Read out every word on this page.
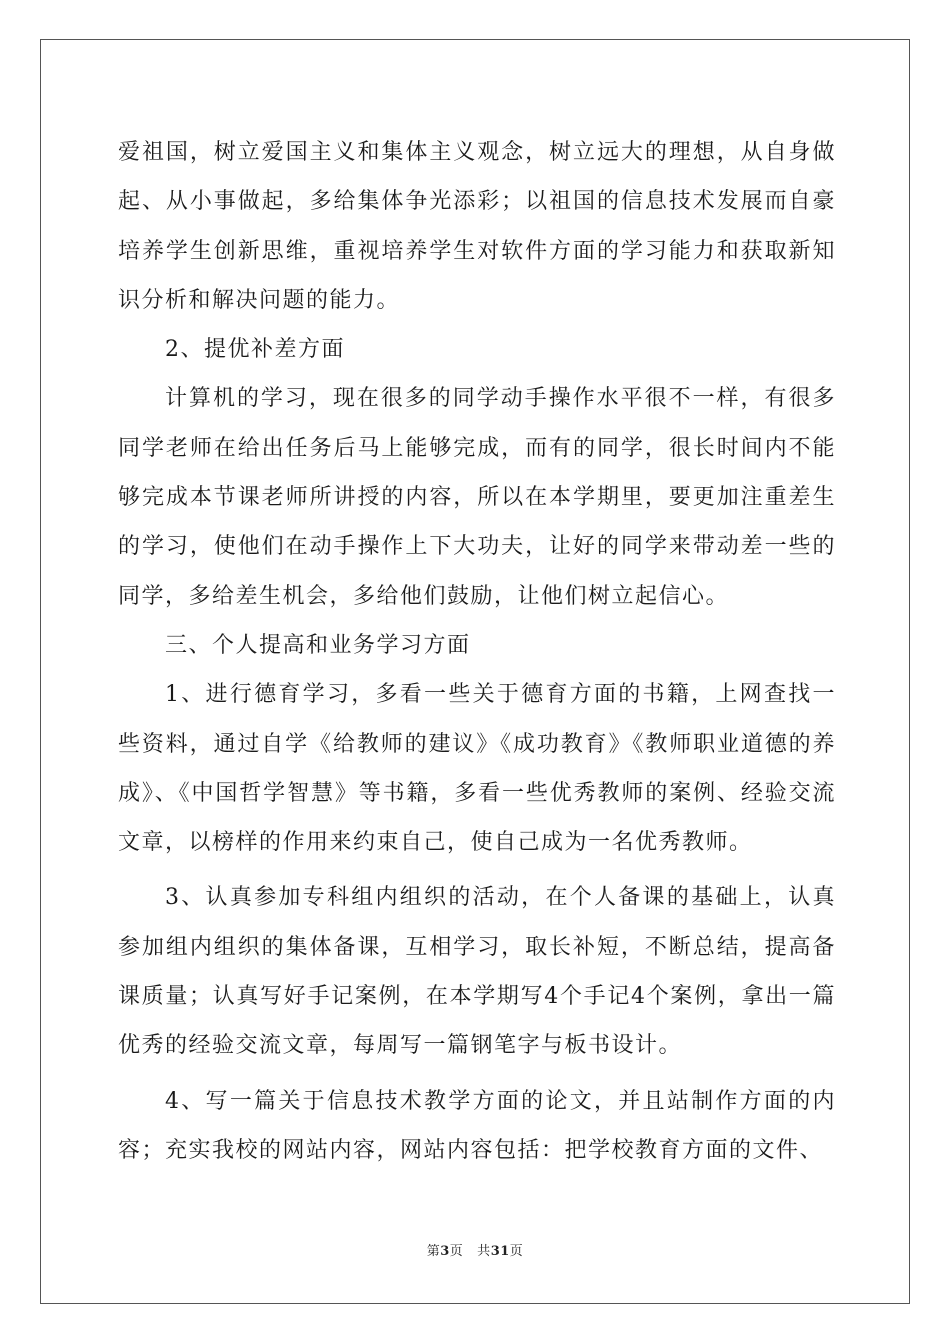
爱祖国，树立爱国主义和集体主义观念，树立远大的理想，从自身做起、从小事做起，多给集体争光添彩；以祖国的信息技术发展而自豪培养学生创新思维，重视培养学生对软件方面的学习能力和获取新知识分析和解决问题的能力。

2、提优补差方面

计算机的学习，现在很多的同学动手操作水平很不一样，有很多同学老师在给出任务后马上能够完成，而有的同学，很长时间内不能够完成本节课老师所讲授的内容，所以在本学期里，要更加注重差生的学习，使他们在动手操作上下大功夫，让好的同学来带动差一些的同学，多给差生机会，多给他们鼓励，让他们树立起信心。

三、个人提高和业务学习方面

1、进行德育学习，多看一些关于德育方面的书籍，上网查找一些资料，通过自学《给教师的建议》《成功教育》《教师职业道德的养成》、《中国哲学智慧》等书籍，多看一些优秀教师的案例、经验交流文章，以榜样的作用来约束自己，使自己成为一名优秀教师。

3、认真参加专科组内组织的活动，在个人备课的基础上，认真参加组内组织的集体备课，互相学习，取长补短，不断总结，提高备课质量；认真写好手记案例，在本学期写4个手记4个案例，拿出一篇优秀的经验交流文章，每周写一篇钢笔字与板书设计。

4、写一篇关于信息技术教学方面的论文，并且站制作方面的内容；充实我校的网站内容，网站内容包括：把学校教育方面的文件、

第3页 共31页
